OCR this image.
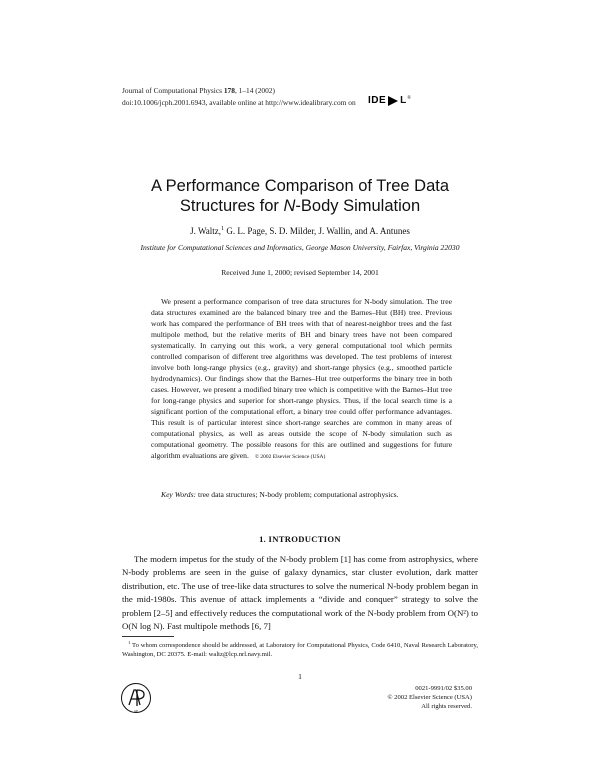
Journal of Computational Physics 178, 1–14 (2002)
doi:10.1006/jcph.2001.6943, available online at http://www.idealibrary.com on IDE L ®
A Performance Comparison of Tree Data
Structures for N-Body Simulation
J. Waltz,$^1$ G. L. Page, S. D. Milder, J. Wallin, and A. Antunes
Institute for Computational Sciences and Informatics, George Mason University, Fairfax, Virginia 22030
Received June 1, 2000; revised September 14, 2001

We present a performance comparison of tree data structures for N-body simulation. The tree data structures examined are the balanced binary tree and the Barnes–Hut (BH) tree. Previous work has compared the performance of BH trees with that of nearest-neighbor trees and the fast multipole method, but the relative merits of BH and binary trees have not been compared systematically. In carrying out this work, a very general computational tool which permits controlled comparison of different tree algorithms was developed. The test problems of interest involve both long-range physics (e.g., gravity) and short-range physics (e.g., smoothed particle hydrodynamics). Our findings show that the Barnes–Hut tree outperforms the binary tree in both cases. However, we present a modified binary tree which is competitive with the Barnes–Hut tree for long-range physics and superior for short-range physics. Thus, if the local search time is a significant portion of the computational effort, a binary tree could offer performance advantages. This result is of particular interest since short-range searches are common in many areas of computational physics, as well as areas outside the scope of N-body simulation such as computational geometry. The possible reasons for this are outlined and suggestions for future algorithm evaluations are given. © 2002 Elsevier Science (USA)

Key Words: tree data structures; N-body problem; computational astrophysics.
1. INTRODUCTION

The modern impetus for the study of the N-body problem [1] has come from astrophysics, where N-body problems are seen in the guise of galaxy dynamics, star cluster evolution, dark matter distribution, etc. The use of tree-like data structures to solve the numerical N-body problem began in the mid-1980s. This avenue of attack implements a “divide and conquer” strategy to solve the problem [2–5] and effectively reduces the computational work of the N-body problem from O(N²) to O(N log N). Fast multipole methods [6, 7]

$^1$ To whom correspondence should be addressed, at Laboratory for Computational Physics, Code 6410, Naval Research Laboratory, Washington, DC 20375. E-mail: waltz@lcp.nrl.navy.mil.

1
AP
0021-9991/02 $35.00
© 2002 Elsevier Science (USA)
All rights reserved.
